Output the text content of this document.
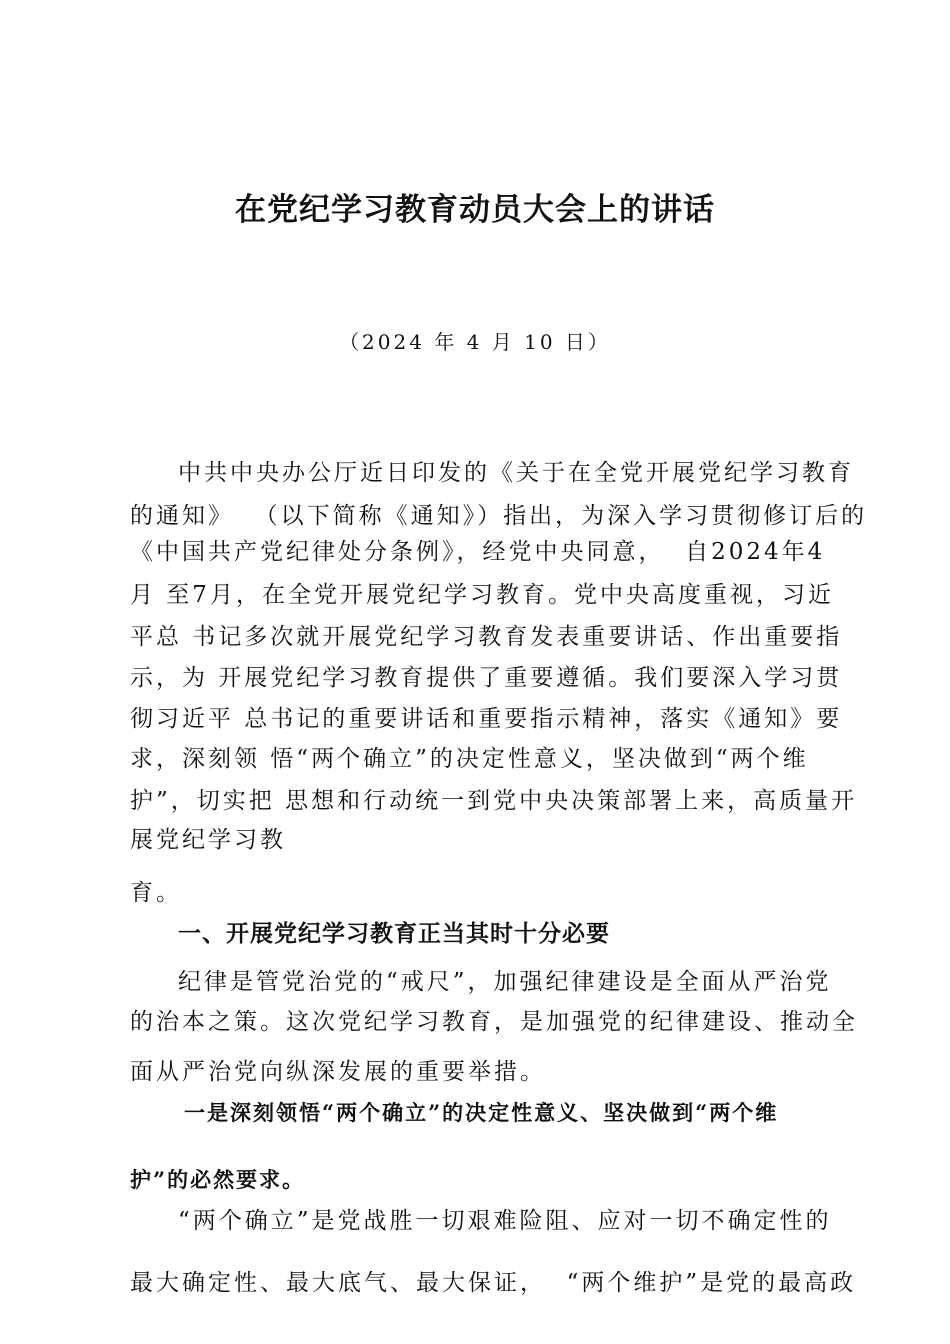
在党纪学习教育动员大会上的讲话
（2024 年 4 月 10 日）
中共中央办公厅近日印发的《关于在全党开展党纪学习教育
的通知》  （以下简称《通知》）指出，为深入学习贯彻修订后的
《中国共产党纪律处分条例》，经党中央同意，  自2024年4
月 至7月，在全党开展党纪学习教育。党中央高度重视，习近
平总 书记多次就开展党纪学习教育发表重要讲话、作出重要指
示，为 开展党纪学习教育提供了重要遵循。我们要深入学习贯
彻习近平 总书记的重要讲话和重要指示精神，落实《通知》要
求，深刻领 悟“两个确立”的决定性意义，坚决做到“两个维
护”，切实把 思想和行动统一到党中央决策部署上来，高质量开
展党纪学习教
育。
一、开展党纪学习教育正当其时十分必要
纪律是管党治党的“戒尺”，加强纪律建设是全面从严治党
的治本之策。这次党纪学习教育，是加强党的纪律建设、推动全
面从严治党向纵深发展的重要举措。
一是深刻领悟“两个确立”的决定性意义、坚决做到“两个维
护”的必然要求。
“两个确立”是党战胜一切艰难险阻、应对一切不确定性的
最大确定性、最大底气、最大保证，  “两个维护”是党的最高政
